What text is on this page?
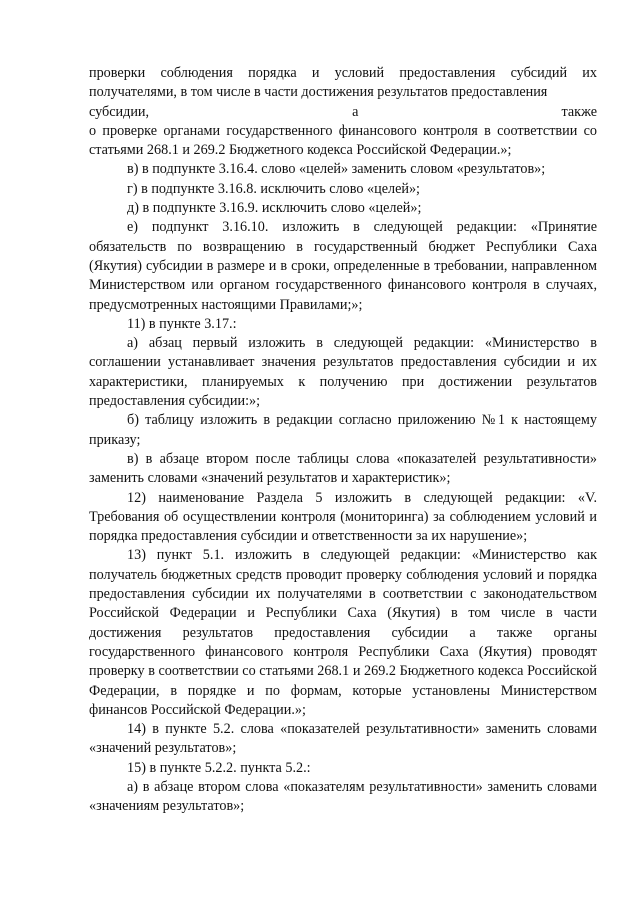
проверки соблюдения порядка и условий предоставления субсидий их получателями, в том числе в части достижения результатов предоставления

субсидии, а также

о проверке органами государственного финансового контроля в соответствии со статьями 268.1 и 269.2 Бюджетного кодекса Российской Федерации.»;

в) в подпункте 3.16.4. слово «целей» заменить словом «результатов»;

г) в подпункте 3.16.8. исключить слово «целей»;

д) в подпункте 3.16.9. исключить слово «целей»;

е) подпункт 3.16.10. изложить в следующей редакции: «Принятие обязательств по возвращению в государственный бюджет Республики Саха (Якутия) субсидии в размере и в сроки, определенные в требовании, направленном Министерством или органом государственного финансового контроля в случаях, предусмотренных настоящими Правилами;»;

11) в пункте 3.17.:

а) абзац первый изложить в следующей редакции: «Министерство в соглашении устанавливает значения результатов предоставления субсидии и их характеристики, планируемых к получению при достижении результатов предоставления субсидии:»;

б) таблицу изложить в редакции согласно приложению №1 к настоящему приказу;

в) в абзаце втором после таблицы слова «показателей результативности» заменить словами «значений результатов и характеристик»;

12) наименование Раздела 5 изложить в следующей редакции: «V. Требования об осуществлении контроля (мониторинга) за соблюдением условий и порядка предоставления субсидии и ответственности за их нарушение»;

13) пункт 5.1. изложить в следующей редакции: «Министерство как получатель бюджетных средств проводит проверку соблюдения условий и порядка предоставления субсидии их получателями в соответствии с законодательством Российской Федерации и Республики Саха (Якутия) в том числе в части достижения результатов предоставления субсидии а также органы государственного финансового контроля Республики Саха (Якутия) проводят проверку в соответствии со статьями 268.1 и 269.2 Бюджетного кодекса Российской Федерации, в порядке и по формам, которые установлены Министерством финансов Российской Федерации.»;

14) в пункте 5.2. слова «показателей результативности» заменить словами «значений результатов»;

15) в пункте 5.2.2. пункта 5.2.:

а) в абзаце втором слова «показателям результативности» заменить словами «значениям результатов»;
